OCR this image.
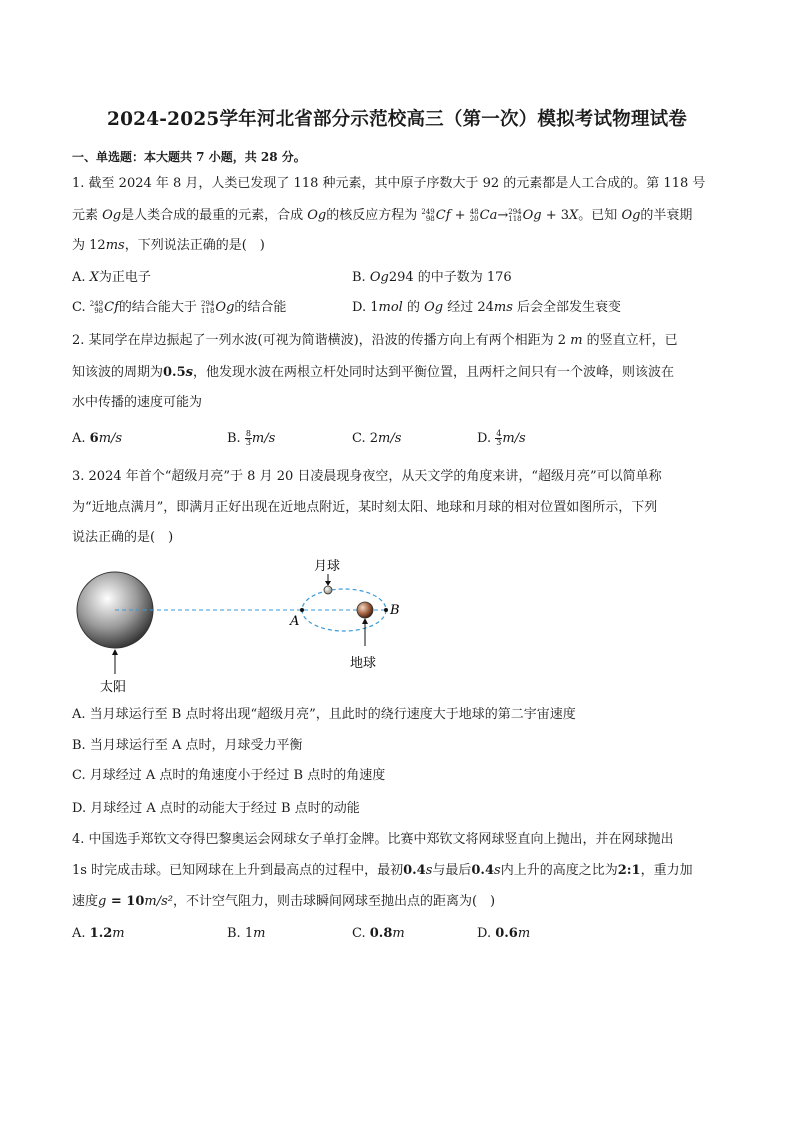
2024-2025学年河北省部分示范校高三（第一次）模拟考试物理试卷
一、单选题：本大题共 7 小题，共 28 分。
1. 截至 2024 年 8 月，人类已发现了 118 种元素，其中原子序数大于 92 的元素都是人工合成的。第 118 号
元素 Og是人类合成的最重的元素，合成 Og的核反应方程为 249
98 Cf + 48
20 Ca→ 294
118 Og + 3X。已知 Og的半衰期
为 12ms，下列说法正确的是(　)
A. X为正电子	B. Og294 的中子数为 176
C. 249
98 Cf的结合能大于 294
118 Og的结合能	D. 1mol 的 Og 经过 24ms 后会全部发生衰变
2. 某同学在岸边振起了一列水波(可视为简谐横波)，沿波的传播方向上有两个相距为 2 m 的竖直立杆，已
知该波的周期为0.5s，他发现水波在两根立杆处同时达到平衡位置，且两杆之间只有一个波峰，则该波在
水中传播的速度可能为
A. 6m/s	B. $\frac{8}{3} m/s$	C. 2m/s	D. $\frac{4}{3} m/s$
3. 2024 年首个“超级月亮”于 8 月 20 日凌晨现身夜空，从天文学的角度来讲，“超级月亮”可以简单称
为“近地点满月”，即满月正好出现在近地点附近，某时刻太阳、地球和月球的相对位置如图所示，下列
说法正确的是(　)
A
B
月球
地球
太阳
A. 当月球运行至 B 点时将出现“超级月亮”，且此时的绕行速度大于地球的第二宇宙速度
B. 当月球运行至 A 点时，月球受力平衡
C. 月球经过 A 点时的角速度小于经过 B 点时的角速度
D. 月球经过 A 点时的动能大于经过 B 点时的动能
4. 中国选手郑钦文夺得巴黎奥运会网球女子单打金牌。比赛中郑钦文将网球竖直向上抛出，并在网球抛出
1s 时完成击球。已知网球在上升到最高点的过程中，最初0.4s与最后0.4s内上升的高度之比为2:1，重力加
速度g = 10m/s²，不计空气阻力，则击球瞬间网球至抛出点的距离为(　)
A. 1.2m	B. 1m	C. 0.8m	D. 0.6m
